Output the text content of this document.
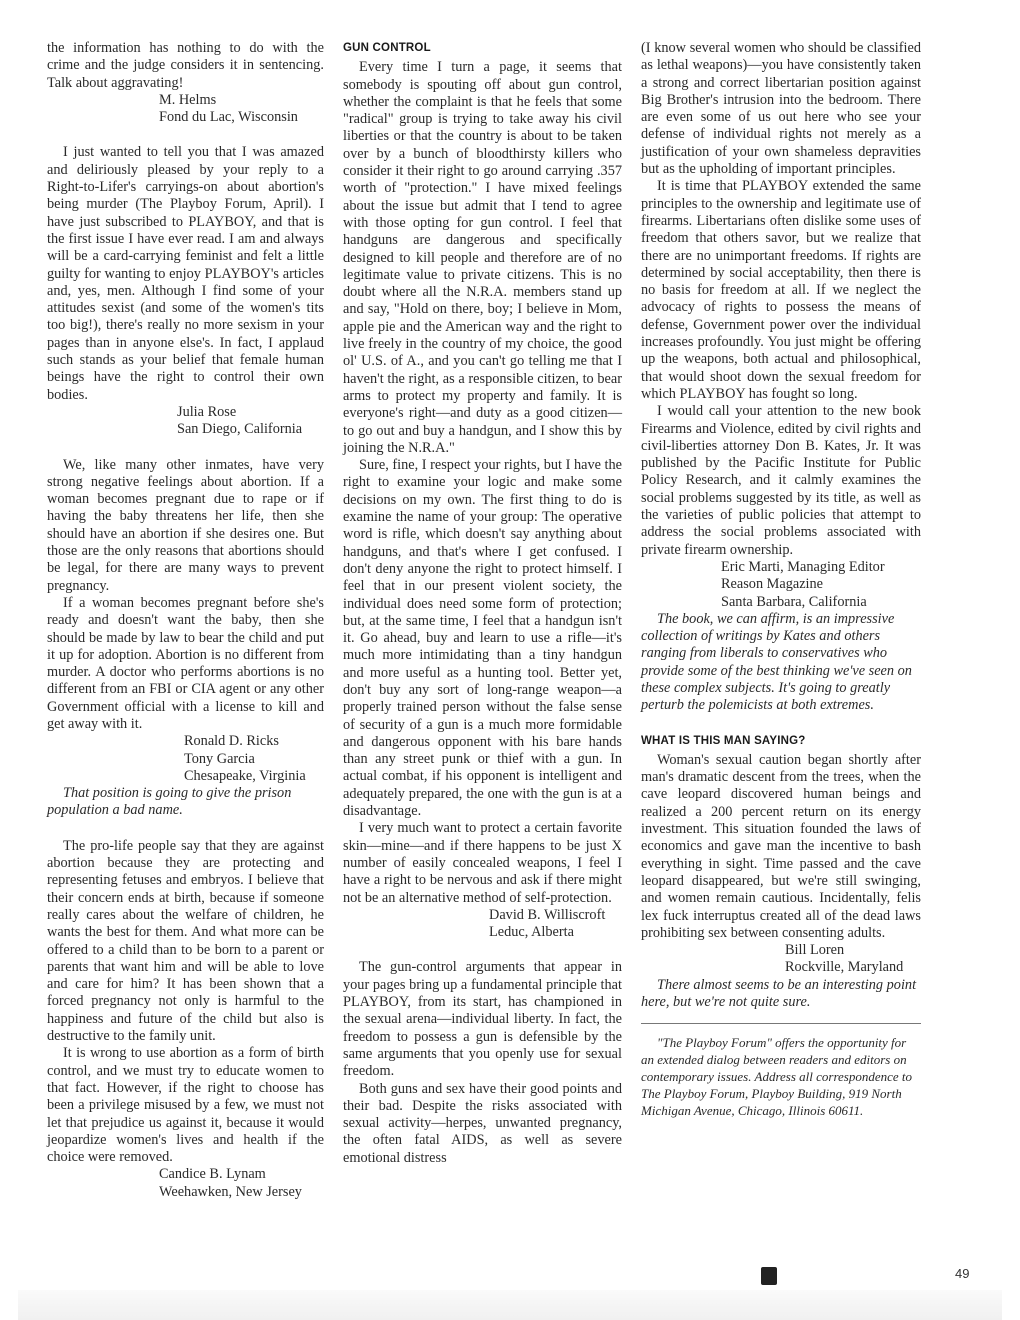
the information has nothing to do with the crime and the judge considers it in sentencing. Talk about aggravating!

M. Helms
Fond du Lac, Wisconsin

I just wanted to tell you that I was amazed and deliriously pleased by your reply to a Right-to-Lifer's carryings-on about abortion's being murder (The Playboy Forum, April). I have just subscribed to PLAYBOY, and that is the first issue I have ever read. I am and always will be a card-carrying feminist and felt a little guilty for wanting to enjoy PLAYBOY's articles and, yes, men. Although I find some of your attitudes sexist (and some of the women's tits too big!), there's really no more sexism in your pages than in anyone else's. In fact, I applaud such stands as your belief that female human beings have the right to control their own bodies.

Julia Rose
San Diego, California

We, like many other inmates, have very strong negative feelings about abortion. If a woman becomes pregnant due to rape or if having the baby threatens her life, then she should have an abortion if she desires one. But those are the only reasons that abortions should be legal, for there are many ways to prevent pregnancy.

If a woman becomes pregnant before she's ready and doesn't want the baby, then she should be made by law to bear the child and put it up for adoption. Abortion is no different from murder. A doctor who performs abortions is no different from an FBI or CIA agent or any other Government official with a license to kill and get away with it.

Ronald D. Ricks
Tony Garcia
Chesapeake, Virginia

That position is going to give the prison population a bad name.

The pro-life people say that they are against abortion because they are protecting and representing fetuses and embryos. I believe that their concern ends at birth, because if someone really cares about the welfare of children, he wants the best for them. And what more can be offered to a child than to be born to a parent or parents that want him and will be able to love and care for him? It has been shown that a forced pregnancy not only is harmful to the happiness and future of the child but also is destructive to the family unit.

It is wrong to use abortion as a form of birth control, and we must try to educate women to that fact. However, if the right to choose has been a privilege misused by a few, we must not let that prejudice us against it, because it would jeopardize women's lives and health if the choice were removed.

Candice B. Lynam
Weehawken, New Jersey
GUN CONTROL

Every time I turn a page, it seems that somebody is spouting off about gun control, whether the complaint is that he feels that some "radical" group is trying to take away his civil liberties or that the country is about to be taken over by a bunch of bloodthirsty killers who consider it their right to go around carrying .357 worth of "protection." I have mixed feelings about the issue but admit that I tend to agree with those opting for gun control. I feel that handguns are dangerous and specifically designed to kill people and therefore are of no legitimate value to private citizens. This is no doubt where all the N.R.A. members stand up and say, "Hold on there, boy; I believe in Mom, apple pie and the American way and the right to live freely in the country of my choice, the good ol' U.S. of A., and you can't go telling me that I haven't the right, as a responsible citizen, to bear arms to protect my property and family. It is everyone's right—and duty as a good citizen—to go out and buy a handgun, and I show this by joining the N.R.A."

Sure, fine, I respect your rights, but I have the right to examine your logic and make some decisions on my own. The first thing to do is examine the name of your group: The operative word is rifle, which doesn't say anything about handguns, and that's where I get confused. I don't deny anyone the right to protect himself. I feel that in our present violent society, the individual does need some form of protection; but, at the same time, I feel that a handgun isn't it. Go ahead, buy and learn to use a rifle—it's much more intimidating than a tiny handgun and more useful as a hunting tool. Better yet, don't buy any sort of long-range weapon—a properly trained person without the false sense of security of a gun is a much more formidable and dangerous opponent with his bare hands than any street punk or thief with a gun. In actual combat, if his opponent is intelligent and adequately prepared, the one with the gun is at a disadvantage.

I very much want to protect a certain favorite skin—mine—and if there happens to be just X number of easily concealed weapons, I feel I have a right to be nervous and ask if there might not be an alternative method of self-protection.

David B. Williscroft
Leduc, Alberta

The gun-control arguments that appear in your pages bring up a fundamental principle that PLAYBOY, from its start, has championed in the sexual arena—individual liberty. In fact, the freedom to possess a gun is defensible by the same arguments that you openly use for sexual freedom.

Both guns and sex have their good points and their bad. Despite the risks associated with sexual activity—herpes, unwanted pregnancy, the often fatal AIDS, as well as severe emotional distress

(I know several women who should be classified as lethal weapons)—you have consistently taken a strong and correct libertarian position against Big Brother's intrusion into the bedroom. There are even some of us out here who see your defense of individual rights not merely as a justification of your own shameless depravities but as the upholding of important principles.

It is time that PLAYBOY extended the same principles to the ownership and legitimate use of firearms. Libertarians often dislike some uses of freedom that others savor, but we realize that there are no unimportant freedoms. If rights are determined by social acceptability, then there is no basis for freedom at all. If we neglect the advocacy of rights to possess the means of defense, Government power over the individual increases profoundly. You just might be offering up the weapons, both actual and philosophical, that would shoot down the sexual freedom for which PLAYBOY has fought so long.

I would call your attention to the new book Firearms and Violence, edited by civil rights and civil-liberties attorney Don B. Kates, Jr. It was published by the Pacific Institute for Public Policy Research, and it calmly examines the social problems suggested by its title, as well as the varieties of public policies that attempt to address the social problems associated with private firearm ownership.

Eric Marti, Managing Editor
Reason Magazine
Santa Barbara, California

The book, we can affirm, is an impressive collection of writings by Kates and others ranging from liberals to conservatives who provide some of the best thinking we've seen on these complex subjects. It's going to greatly perturb the polemicists at both extremes.

WHAT IS THIS MAN SAYING?

Woman's sexual caution began shortly after man's dramatic descent from the trees, when the cave leopard discovered human beings and realized a 200 percent return on its energy investment. This situation founded the laws of economics and gave man the incentive to bash everything in sight. Time passed and the cave leopard disappeared, but we're still swinging, and women remain cautious. Incidentally, felis lex fuck interruptus created all of the dead laws prohibiting sex between consenting adults.

Bill Loren
Rockville, Maryland

There almost seems to be an interesting point here, but we're not quite sure.

"The Playboy Forum" offers the opportunity for an extended dialog between readers and editors on contemporary issues. Address all correspondence to The Playboy Forum, Playboy Building, 919 North Michigan Avenue, Chicago, Illinois 60611.

49
